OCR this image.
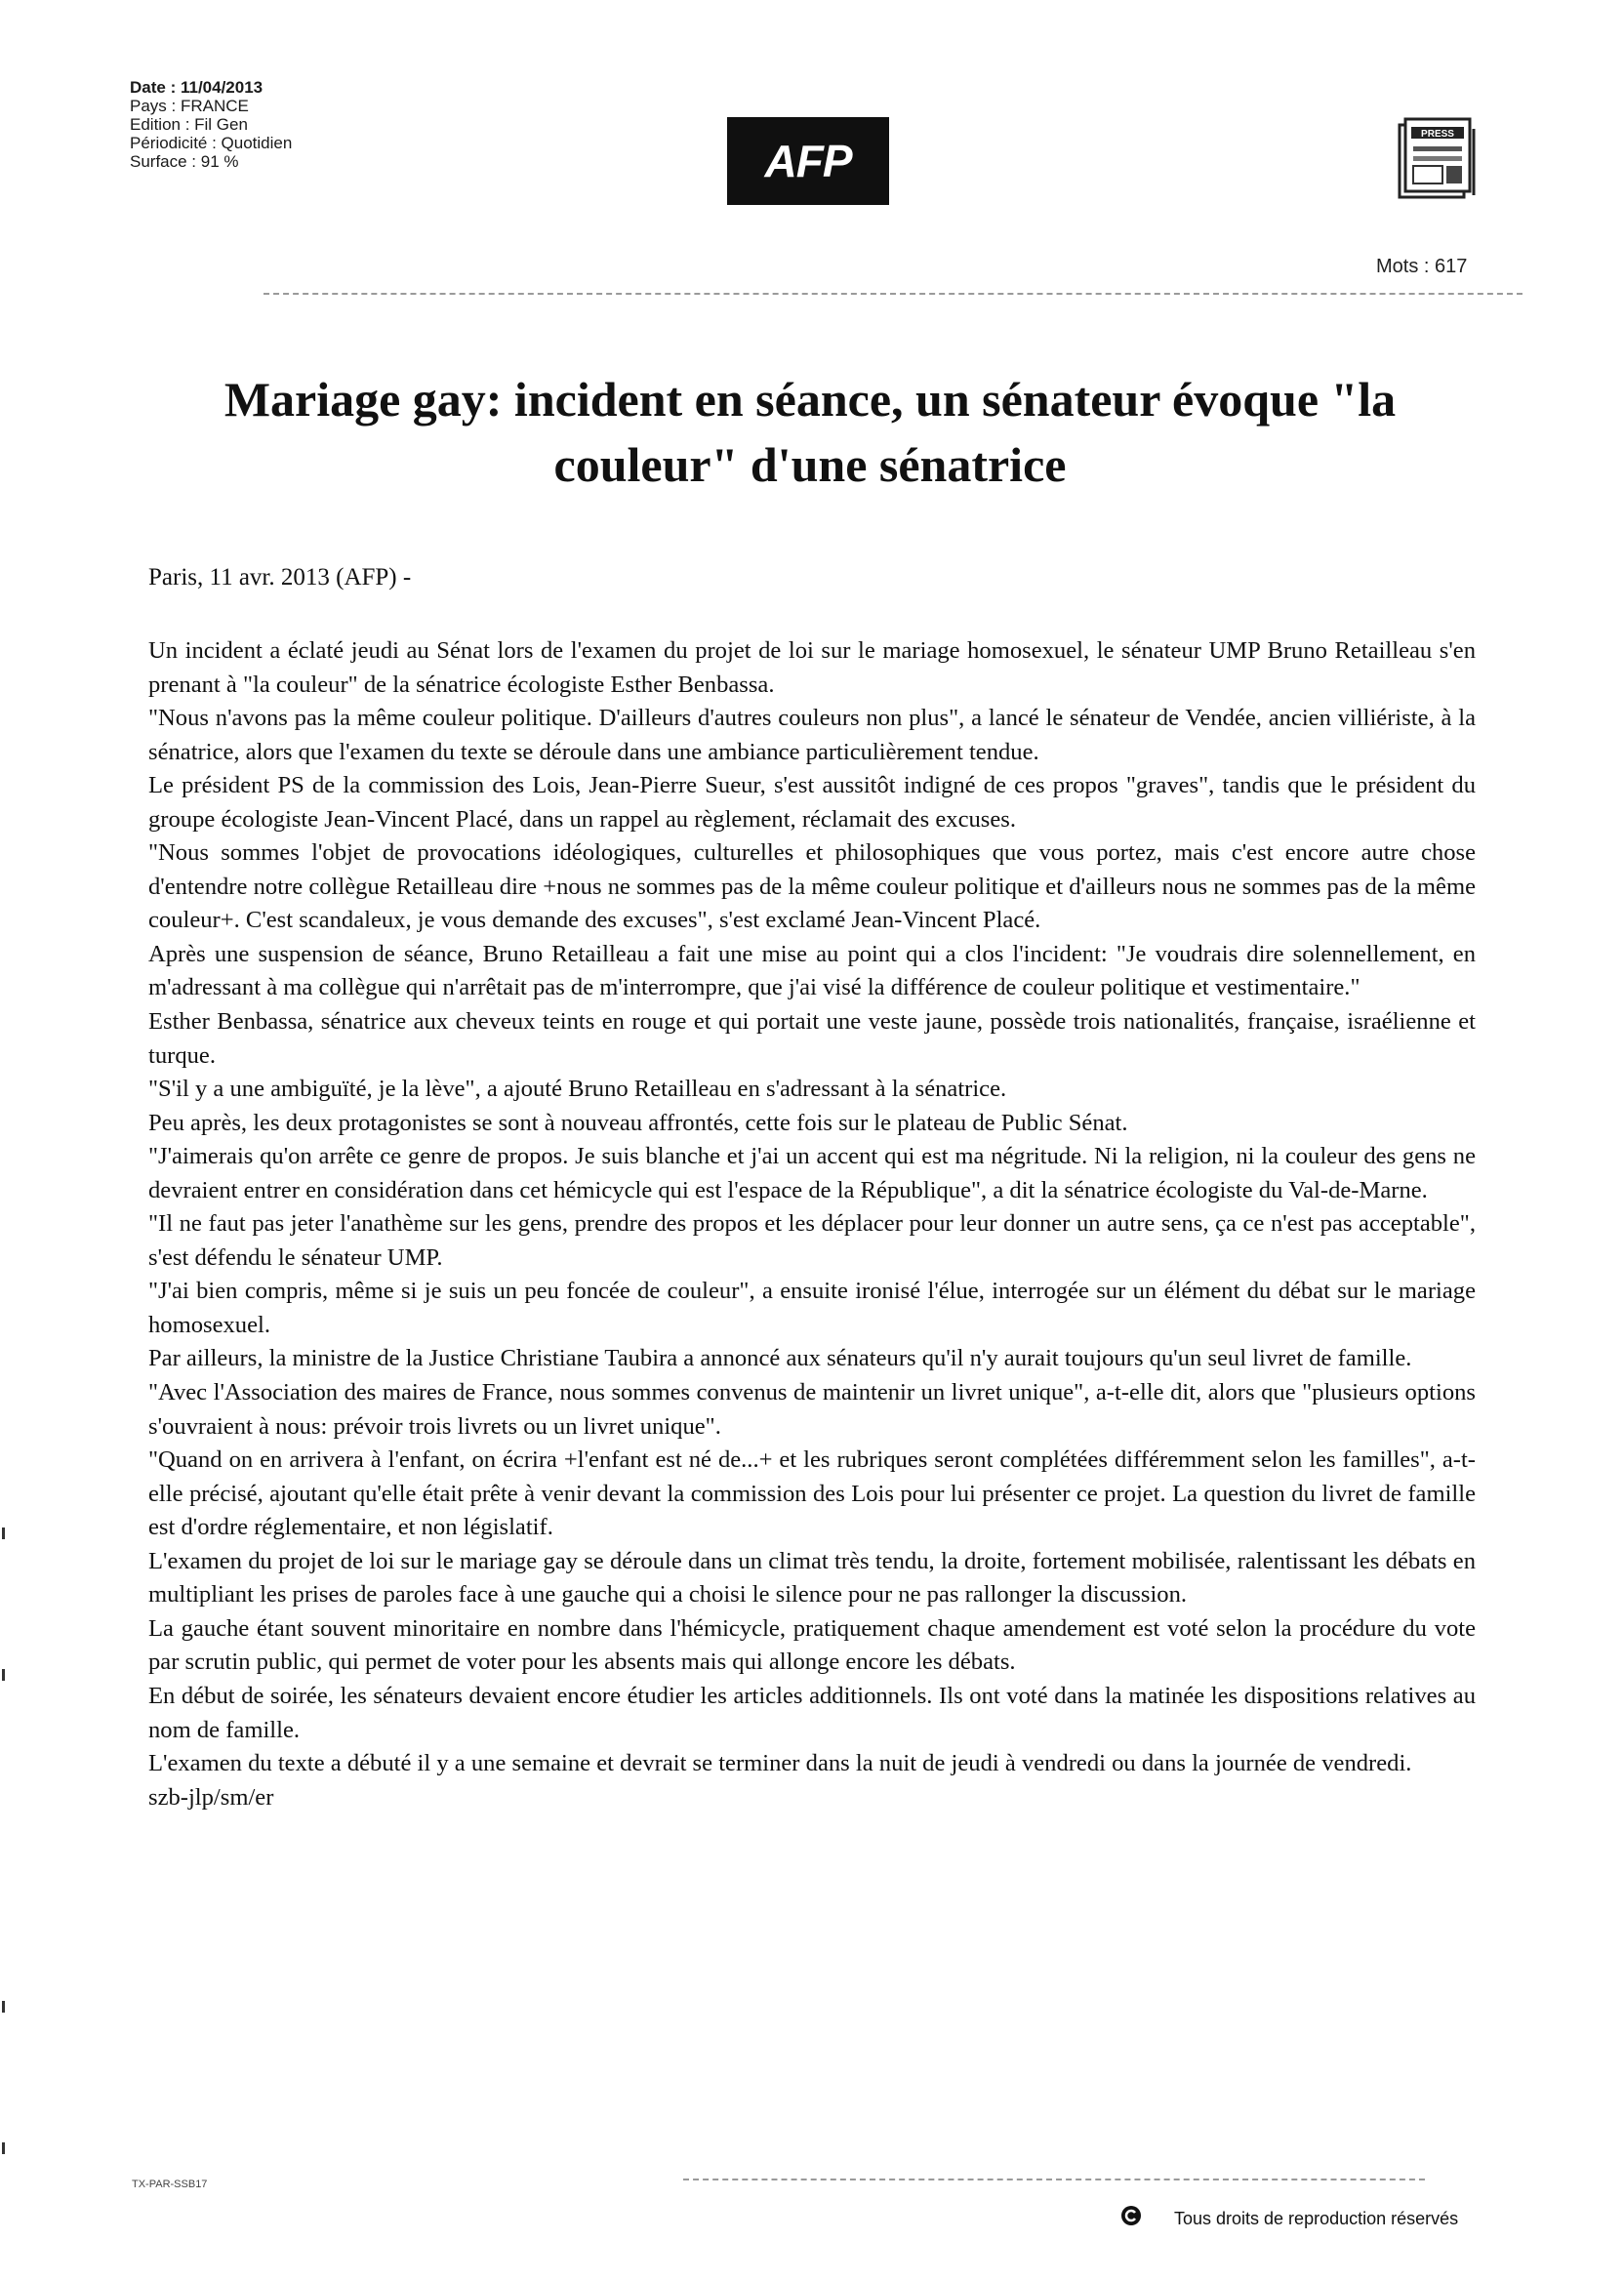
Date : 11/04/2013
Pays : FRANCE
Edition : Fil Gen
Périodicité : Quotidien
Surface : 91 %	AFP
PRESS
Mots : 617
Mariage gay: incident en séance, un sénateur évoque "la couleur" d'une sénatrice
Paris, 11 avr. 2013 (AFP) -

Un incident a éclaté jeudi au Sénat lors de l'examen du projet de loi sur le mariage homosexuel, le sénateur UMP Bruno Retailleau s'en prenant à "la couleur" de la sénatrice écologiste Esther Benbassa.

"Nous n'avons pas la même couleur politique. D'ailleurs d'autres couleurs non plus", a lancé le sénateur de Vendée, ancien villiériste, à la sénatrice, alors que l'examen du texte se déroule dans une ambiance particulièrement tendue.

Le président PS de la commission des Lois, Jean-Pierre Sueur, s'est aussitôt indigné de ces propos "graves", tandis que le président du groupe écologiste Jean-Vincent Placé, dans un rappel au règlement, réclamait des excuses.

"Nous sommes l'objet de provocations idéologiques, culturelles et philosophiques que vous portez, mais c'est encore autre chose d'entendre notre collègue Retailleau dire +nous ne sommes pas de la même couleur politique et d'ailleurs nous ne sommes pas de la même couleur+. C'est scandaleux, je vous demande des excuses", s'est exclamé Jean-Vincent Placé.

Après une suspension de séance, Bruno Retailleau a fait une mise au point qui a clos l'incident: "Je voudrais dire solennellement, en m'adressant à ma collègue qui n'arrêtait pas de m'interrompre, que j'ai visé la différence de couleur politique et vestimentaire."

Esther Benbassa, sénatrice aux cheveux teints en rouge et qui portait une veste jaune, possède trois nationalités, française, israélienne et turque.

"S'il y a une ambiguïté, je la lève", a ajouté Bruno Retailleau en s'adressant à la sénatrice.

Peu après, les deux protagonistes se sont à nouveau affrontés, cette fois sur le plateau de Public Sénat.

"J'aimerais qu'on arrête ce genre de propos. Je suis blanche et j'ai un accent qui est ma négritude. Ni la religion, ni la couleur des gens ne devraient entrer en considération dans cet hémicycle qui est l'espace de la République", a dit la sénatrice écologiste du Val-de-Marne.

"Il ne faut pas jeter l'anathème sur les gens, prendre des propos et les déplacer pour leur donner un autre sens, ça ce n'est pas acceptable", s'est défendu le sénateur UMP.

"J'ai bien compris, même si je suis un peu foncée de couleur", a ensuite ironisé l'élue, interrogée sur un élément du débat sur le mariage homosexuel.

Par ailleurs, la ministre de la Justice Christiane Taubira a annoncé aux sénateurs qu'il n'y aurait toujours qu'un seul livret de famille.

"Avec l'Association des maires de France, nous sommes convenus de maintenir un livret unique", a-t-elle dit, alors que "plusieurs options s'ouvraient à nous: prévoir trois livrets ou un livret unique".

"Quand on en arrivera à l'enfant, on écrira +l'enfant est né de...+ et les rubriques seront complétées différemment selon les familles", a-t-elle précisé, ajoutant qu'elle était prête à venir devant la commission des Lois pour lui présenter ce projet. La question du livret de famille est d'ordre réglementaire, et non législatif.

L'examen du projet de loi sur le mariage gay se déroule dans un climat très tendu, la droite, fortement mobilisée, ralentissant les débats en multipliant les prises de paroles face à une gauche qui a choisi le silence pour ne pas rallonger la discussion.

La gauche étant souvent minoritaire en nombre dans l'hémicycle, pratiquement chaque amendement est voté selon la procédure du vote par scrutin public, qui permet de voter pour les absents mais qui allonge encore les débats.

En début de soirée, les sénateurs devaient encore étudier les articles additionnels. Ils ont voté dans la matinée les dispositions relatives au nom de famille.

L'examen du texte a débuté il y a une semaine et devrait se terminer dans la nuit de jeudi à vendredi ou dans la journée de vendredi.

szb-jlp/sm/er

TX-PAR-SSB17
Tous droits de reproduction réservés
